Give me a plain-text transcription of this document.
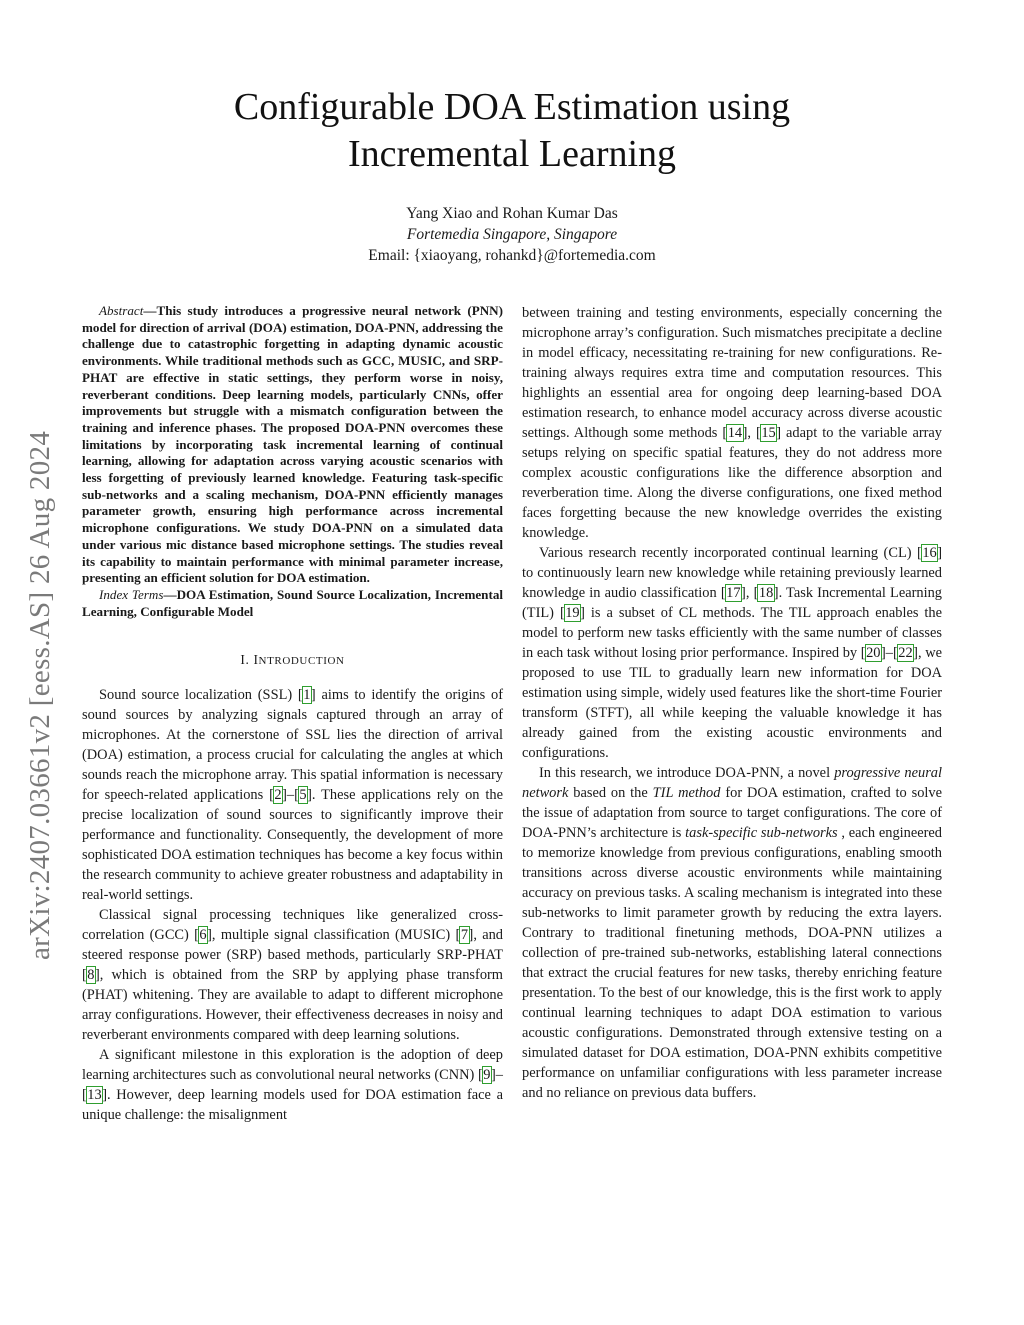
arXiv:2407.03661v2 [eess.AS] 26 Aug 2024
Configurable DOA Estimation using
Incremental Learning
Yang Xiao and Rohan Kumar Das
Fortemedia Singapore, Singapore
Email: {xiaoyang, rohankd}@fortemedia.com

Abstract—This study introduces a progressive neural network (PNN) model for direction of arrival (DOA) estimation, DOA-PNN, addressing the challenge due to catastrophic forgetting in adapting dynamic acoustic environments. While traditional methods such as GCC, MUSIC, and SRP-PHAT are effective in static settings, they perform worse in noisy, reverberant conditions. Deep learning models, particularly CNNs, offer improvements but struggle with a mismatch configuration between the training and inference phases. The proposed DOA-PNN overcomes these limitations by incorporating task incremental learning of continual learning, allowing for adaptation across varying acoustic scenarios with less forgetting of previously learned knowledge. Featuring task-specific sub-networks and a scaling mechanism, DOA-PNN efficiently manages parameter growth, ensuring high performance across incremental microphone configurations. We study DOA-PNN on a simulated data under various mic distance based microphone settings. The studies reveal its capability to maintain performance with minimal parameter increase, presenting an efficient solution for DOA estimation.

Index Terms—DOA Estimation, Sound Source Localization, Incremental Learning, Configurable Model

I. INTRODUCTION

Sound source localization (SSL) [1] aims to identify the origins of sound sources by analyzing signals captured through an array of microphones. At the cornerstone of SSL lies the direction of arrival (DOA) estimation, a process crucial for calculating the angles at which sounds reach the microphone array. This spatial information is necessary for speech-related applications [2]–[5]. These applications rely on the precise localization of sound sources to significantly improve their performance and functionality. Consequently, the development of more sophisticated DOA estimation techniques has become a key focus within the research community to achieve greater robustness and adaptability in real-world settings.

Classical signal processing techniques like generalized cross-correlation (GCC) [6], multiple signal classification (MUSIC) [7], and steered response power (SRP) based methods, particularly SRP-PHAT [8], which is obtained from the SRP by applying phase transform (PHAT) whitening. They are available to adapt to different microphone array configurations. However, their effectiveness decreases in noisy and reverberant environments compared with deep learning solutions.

A significant milestone in this exploration is the adoption of deep learning architectures such as convolutional neural networks (CNN) [9]–[13]. However, deep learning models used for DOA estimation face a unique challenge: the misalignment

between training and testing environments, especially concerning the microphone array’s configuration. Such mismatches precipitate a decline in model efficacy, necessitating re-training for new configurations. Re-training always requires extra time and computation resources. This highlights an essential area for ongoing deep learning-based DOA estimation research, to enhance model accuracy across diverse acoustic settings. Although some methods [14], [15] adapt to the variable array setups relying on specific spatial features, they do not address more complex acoustic configurations like the difference absorption and reverberation time. Along the diverse configurations, one fixed method faces forgetting because the new knowledge overrides the existing knowledge.

Various research recently incorporated continual learning (CL) [16] to continuously learn new knowledge while retaining previously learned knowledge in audio classification [17], [18]. Task Incremental Learning (TIL) [19] is a subset of CL methods. The TIL approach enables the model to perform new tasks efficiently with the same number of classes in each task without losing prior performance. Inspired by [20]–[22], we proposed to use TIL to gradually learn new information for DOA estimation using simple, widely used features like the short-time Fourier transform (STFT), all while keeping the valuable knowledge it has already gained from the existing acoustic environments and configurations.

In this research, we introduce DOA-PNN, a novel progressive neural network based on the TIL method for DOA estimation, crafted to solve the issue of adaptation from source to target configurations. The core of DOA-PNN’s architecture is task-specific sub-networks , each engineered to memorize knowledge from previous configurations, enabling smooth transitions across diverse acoustic environments while maintaining accuracy on previous tasks. A scaling mechanism is integrated into these sub-networks to limit parameter growth by reducing the extra layers. Contrary to traditional finetuning methods, DOA-PNN utilizes a collection of pre-trained sub-networks, establishing lateral connections that extract the crucial features for new tasks, thereby enriching feature presentation. To the best of our knowledge, this is the first work to apply continual learning techniques to adapt DOA estimation to various acoustic configurations. Demonstrated through extensive testing on a simulated dataset for DOA estimation, DOA-PNN exhibits competitive performance on unfamiliar configurations with less parameter increase and no reliance on previous data buffers.
